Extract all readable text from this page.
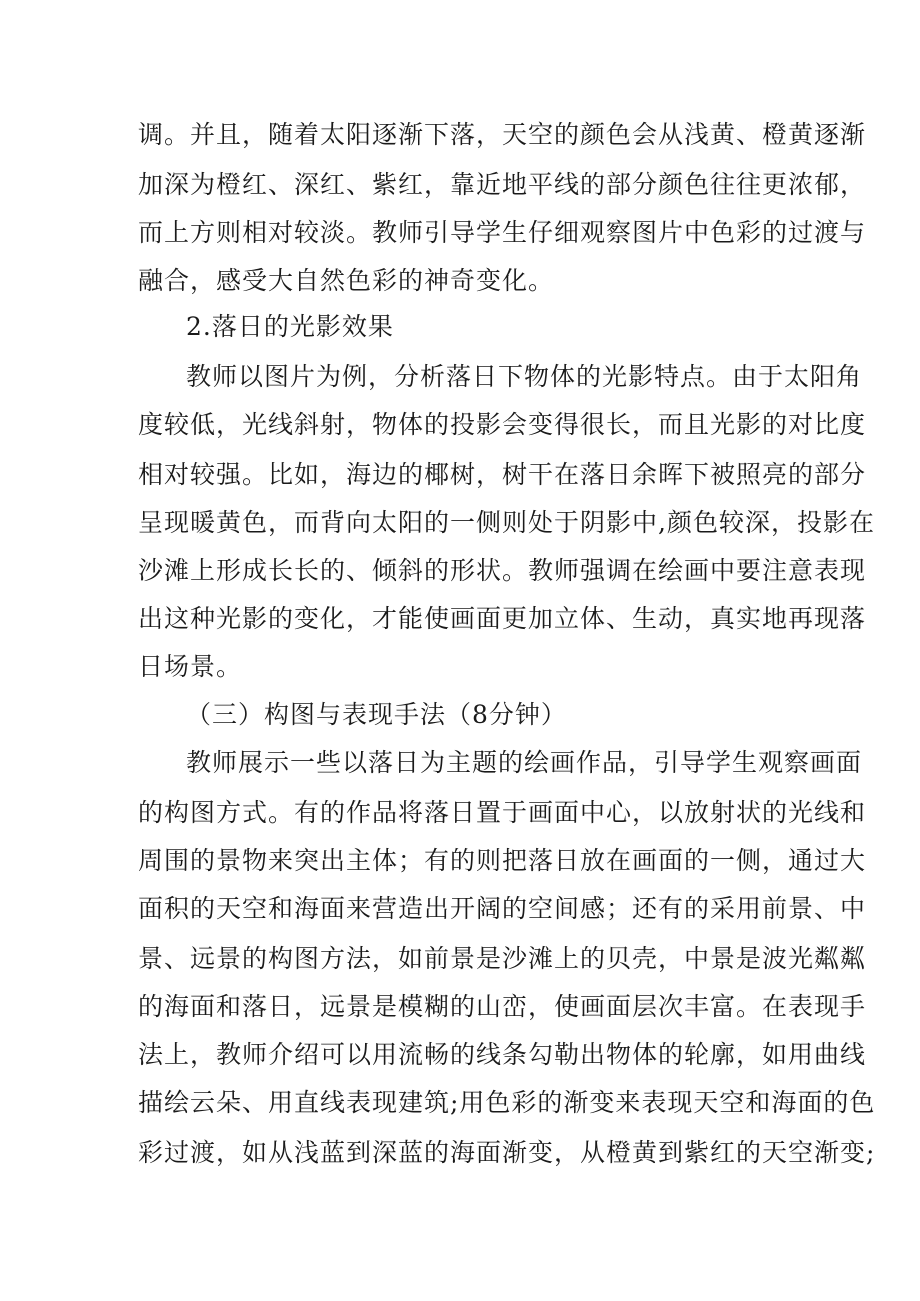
调。并且，随着太阳逐渐下落，天空的颜色会从浅黄、橙黄逐渐
加深为橙红、深红、紫红，靠近地平线的部分颜色往往更浓郁，
而上方则相对较淡。教师引导学生仔细观察图片中色彩的过渡与
融合，感受大自然色彩的神奇变化。
2.落日的光影效果
教师以图片为例，分析落日下物体的光影特点。由于太阳角
度较低，光线斜射，物体的投影会变得很长，而且光影的对比度
相对较强。比如，海边的椰树，树干在落日余晖下被照亮的部分
呈现暖黄色，而背向太阳的一侧则处于阴影中,颜色较深，投影在
沙滩上形成长长的、倾斜的形状。教师强调在绘画中要注意表现
出这种光影的变化，才能使画面更加立体、生动，真实地再现落
日场景。
（三）构图与表现手法（8分钟）
教师展示一些以落日为主题的绘画作品，引导学生观察画面
的构图方式。有的作品将落日置于画面中心，以放射状的光线和
周围的景物来突出主体；有的则把落日放在画面的一侧，通过大
面积的天空和海面来营造出开阔的空间感；还有的采用前景、中
景、远景的构图方法，如前景是沙滩上的贝壳，中景是波光粼粼
的海面和落日，远景是模糊的山峦，使画面层次丰富。在表现手
法上，教师介绍可以用流畅的线条勾勒出物体的轮廓，如用曲线
描绘云朵、用直线表现建筑;用色彩的渐变来表现天空和海面的色
彩过渡，如从浅蓝到深蓝的海面渐变，从橙黄到紫红的天空渐变;
